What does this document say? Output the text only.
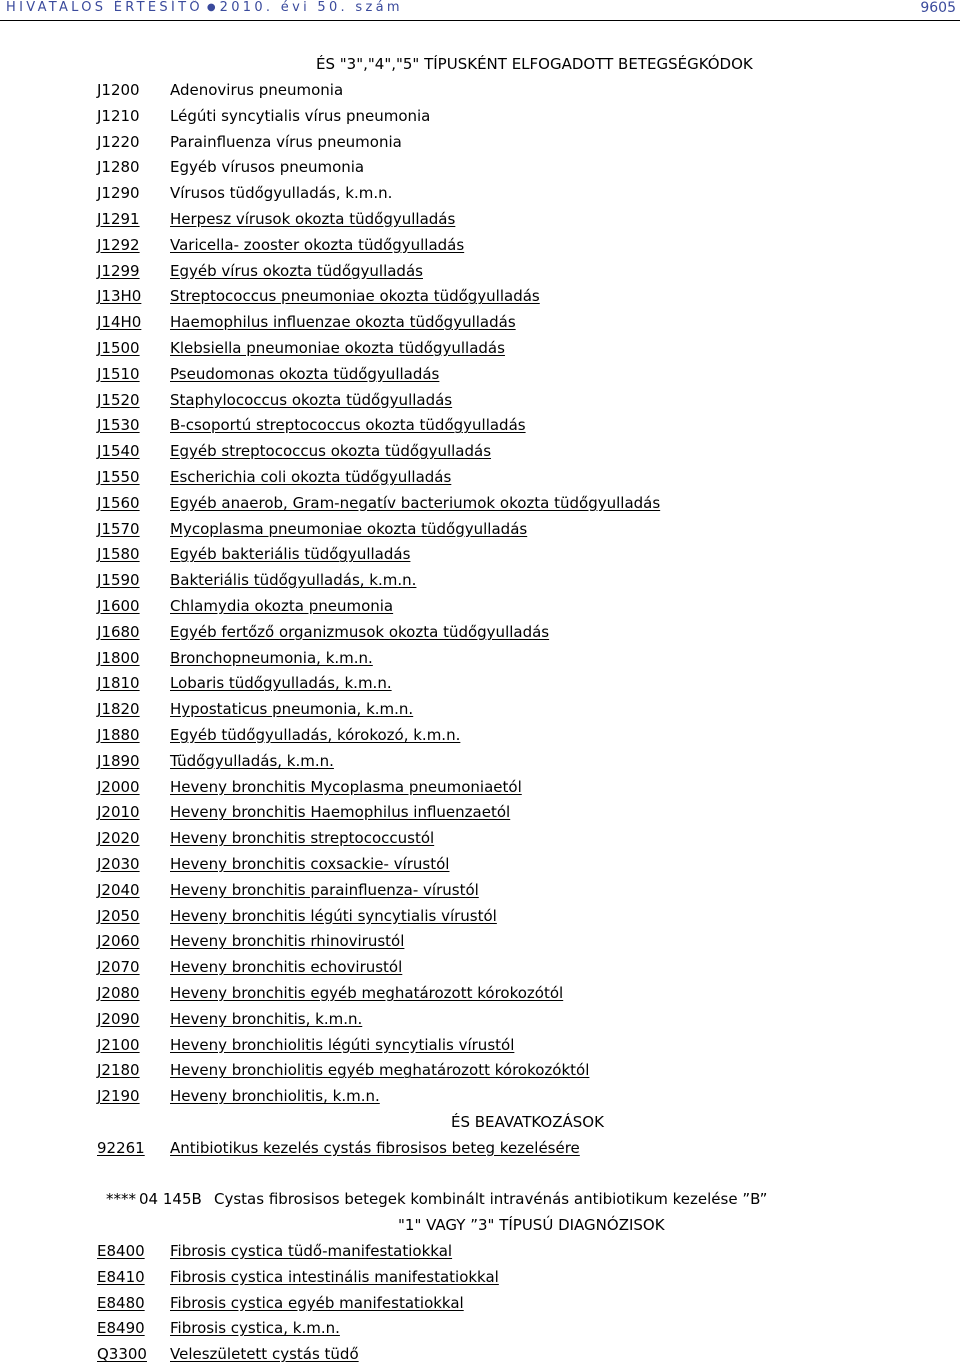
HIVATALOS ÉRTESÍTŐ ● 2010. évi 50. szám	9605
ÉS "3","4","5" TÍPUSKÉNT ELFOGADOTT BETEGSÉGKÓDOK
J1200 Adenovirus pneumonia
J1210 Légúti syncytialis vírus pneumonia
J1220 Parainfluenza vírus pneumonia
J1280 Egyéb vírusos pneumonia
J1290 Vírusos tüdőgyulladás, k.m.n.
J1291 Herpesz vírusok okozta tüdőgyulladás
J1292 Varicella- zooster okozta tüdőgyulladás
J1299 Egyéb vírus okozta tüdőgyulladás
J13H0 Streptococcus pneumoniae okozta tüdőgyulladás
J14H0 Haemophilus influenzae okozta tüdőgyulladás
J1500 Klebsiella pneumoniae okozta tüdőgyulladás
J1510 Pseudomonas okozta tüdőgyulladás
J1520 Staphylococcus okozta tüdőgyulladás
J1530 B-csoportú streptococcus okozta tüdőgyulladás
J1540 Egyéb streptococcus okozta tüdőgyulladás
J1550 Escherichia coli okozta tüdőgyulladás
J1560 Egyéb anaerob, Gram-negatív bacteriumok okozta tüdőgyulladás
J1570 Mycoplasma pneumoniae okozta tüdőgyulladás
J1580 Egyéb bakteriális tüdőgyulladás
J1590 Bakteriális tüdőgyulladás, k.m.n.
J1600 Chlamydia okozta pneumonia
J1680 Egyéb fertőző organizmusok okozta tüdőgyulladás
J1800 Bronchopneumonia, k.m.n.
J1810 Lobaris tüdőgyulladás, k.m.n.
J1820 Hypostaticus pneumonia, k.m.n.
J1880 Egyéb tüdőgyulladás, kórokozó, k.m.n.
J1890 Tüdőgyulladás, k.m.n.
J2000 Heveny bronchitis Mycoplasma pneumoniaetól
J2010 Heveny bronchitis Haemophilus influenzaetól
J2020 Heveny bronchitis streptococcustól
J2030 Heveny bronchitis coxsackie- vírustól
J2040 Heveny bronchitis parainfluenza- vírustól
J2050 Heveny bronchitis légúti syncytialis vírustól
J2060 Heveny bronchitis rhinovirustól
J2070 Heveny bronchitis echovirustól
J2080 Heveny bronchitis egyéb meghatározott kórokozótól
J2090 Heveny bronchitis, k.m.n.
J2100 Heveny bronchiolitis légúti syncytialis vírustól
J2180 Heveny bronchiolitis egyéb meghatározott kórokozóktól
J2190 Heveny bronchiolitis, k.m.n.
ÉS BEAVATKOZÁSOK
92261 Antibiotikus kezelés cystás fibrosisos beteg kezelésére
**** 04 145B Cystas fibrosisos betegek kombinált intravénás antibiotikum kezelése ”B”
"1" VAGY ”3" TÍPUSÚ DIAGNÓZISOK
E8400 Fibrosis cystica tüdő-manifestatiokkal
E8410 Fibrosis cystica intestinális manifestatiokkal
E8480 Fibrosis cystica egyéb manifestatiokkal
E8490 Fibrosis cystica, k.m.n.
Q3300 Veleszületett cystás tüdő
